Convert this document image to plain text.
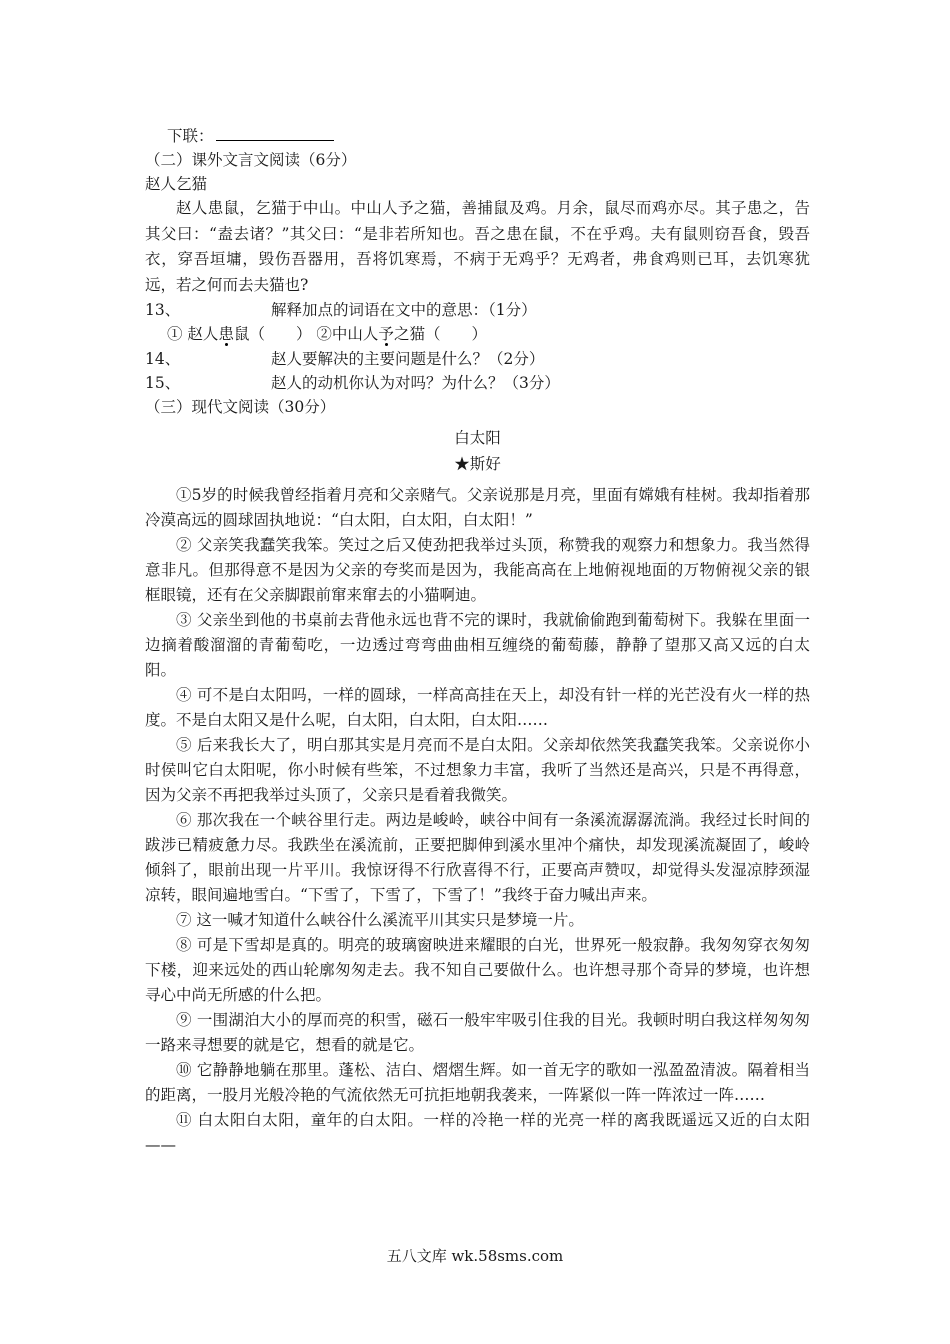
下联：
（二）课外文言文阅读（6分）
赵人乞猫

赵人患鼠，乞猫于中山。中山人予之猫，善捕鼠及鸡。月余，鼠尽而鸡亦尽。其子患之，告其父曰：“盍去诸？”其父曰：“是非若所知也。吾之患在鼠，不在乎鸡。夫有鼠则窃吾食，毁吾衣，穿吾垣墉，毁伤吾器用，吾将饥寒焉，不病于无鸡乎？无鸡者，弗食鸡则已耳，去饥寒犹远，若之何而去夫猫也?

13、	解释加点的词语在文中的意思：（1分）
① 赵人患鼠（　　） ②中山人予之猫（　　）
14、	赵人要解决的主要问题是什么？（2分）
15、	赵人的动机你认为对吗？为什么？（3分）
（三）现代文阅读（30分）
白太阳
★斯好

①5岁的时候我曾经指着月亮和父亲赌气。父亲说那是月亮，里面有嫦娥有桂树。我却指着那冷漠高远的圆球固执地说：“白太阳，白太阳，白太阳！”

② 父亲笑我蠢笑我笨。笑过之后又使劲把我举过头顶，称赞我的观察力和想象力。我当然得意非凡。但那得意不是因为父亲的夸奖而是因为，我能高高在上地俯视地面的万物俯视父亲的银框眼镜，还有在父亲脚跟前窜来窜去的小猫啊迪。

③ 父亲坐到他的书桌前去背他永远也背不完的课时，我就偷偷跑到葡萄树下。我躲在里面一边摘着酸溜溜的青葡萄吃，一边透过弯弯曲曲相互缠绕的葡萄藤，静静了望那又高又远的白太阳。

④ 可不是白太阳吗，一样的圆球，一样高高挂在天上，却没有针一样的光芒没有火一样的热度。不是白太阳又是什么呢，白太阳，白太阳，白太阳……

⑤ 后来我长大了，明白那其实是月亮而不是白太阳。父亲却依然笑我蠢笑我笨。父亲说你小时侯叫它白太阳呢，你小时候有些笨，不过想象力丰富，我听了当然还是高兴，只是不再得意，因为父亲不再把我举过头顶了，父亲只是看着我微笑。

⑥ 那次我在一个峡谷里行走。两边是峻岭，峡谷中间有一条溪流潺潺流淌。我经过长时间的跋涉已精疲惫力尽。我跌坐在溪流前，正要把脚伸到溪水里冲个痛快，却发现溪流凝固了，峻岭倾斜了，眼前出现一片平川。我惊讶得不行欣喜得不行，正要高声赞叹，却觉得头发湿凉脖颈湿凉转，眼间遍地雪白。“下雪了，下雪了，下雪了！”我终于奋力喊出声来。

⑦ 这一喊才知道什么峡谷什么溪流平川其实只是梦境一片。

⑧ 可是下雪却是真的。明亮的玻璃窗映进来耀眼的白光，世界死一般寂静。我匆匆穿衣匆匆下楼，迎来远处的西山轮廓匆匆走去。我不知自己要做什么。也许想寻那个奇异的梦境，也许想寻心中尚无所感的什么把。

⑨ 一围湖泊大小的厚而亮的积雪，磁石一般牢牢吸引住我的目光。我顿时明白我这样匆匆匆一路来寻想要的就是它，想看的就是它。

⑩ 它静静地躺在那里。蓬松、洁白、熠熠生辉。如一首无字的歌如一泓盈盈清波。隔着相当的距离，一股月光般冷艳的气流依然无可抗拒地朝我袭来，一阵紧似一阵一阵浓过一阵……

⑪ 白太阳白太阳，童年的白太阳。一样的冷艳一样的光亮一样的离我既遥远又近的白太阳——

五八文库 wk.58sms.com
